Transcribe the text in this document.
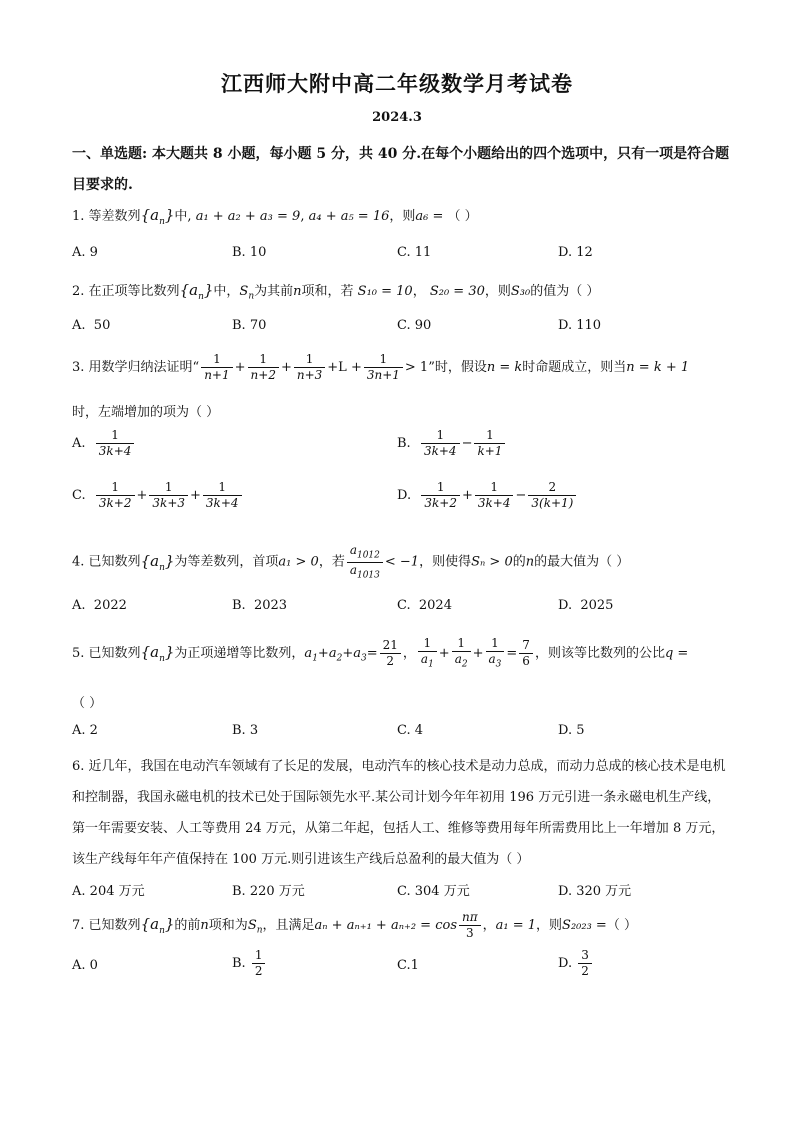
江西师大附中高二年级数学月考试卷
2024.3
一、单选题: 本大题共 8 小题，每小题 5 分，共 40 分.在每个小题给出的四个选项中，只有一项是符合题目要求的.
1. 等差数列$\{a_n\}$中, a₁ + a₂ + a₃ = 9, a₄ + a₅ = 16，则a₆ = （ ）
A. 9	B. 10	C. 11	D. 12
2. 在正项等比数列$\{a_n\}$中，$S_n$为其前n项和，若 S₁₀ = 10， S₂₀ = 30，则S₃₀的值为（ ）
A. 50	B. 70	C. 90	D. 110
3. 用数学归纳法证明“ $\frac{1}{n+1} + \frac{1}{n+2} + \frac{1}{n+3} +L + \frac{1}{3n+1} > 1$”时，假设n = k时命题成立，则当n = k + 1
时，左端增加的项为（ ）
A. $\frac{1}{3k+4}$	B. $\frac{1}{3k+4} - \frac{1}{k+1}$
C. $\frac{1}{3k+2} + \frac{1}{3k+3} + \frac{1}{3k+4}$	D. $\frac{1}{3k+2} + \frac{1}{3k+4} - \frac{2}{3(k+1)}$
4. 已知数列$\{a_n\}$为等差数列，首项a₁ > 0，若 $\frac{a_{1012}}{a_{1013}} < -1$，则使得Sₙ > 0的n的最大值为（ ）
A. 2022	B. 2023	C. 2024	D. 2025
5. 已知数列$\{a_n\}$为正项递增等比数列，$a_1+a_2+a_3= \frac{21}{2}$ ， $\frac{1}{a_1} + \frac{1}{a_2} + \frac{1}{a_3} = \frac{7}{6}$ ，则该等比数列的公比q =
（ ）
A. 2	B. 3	C. 4	D. 5
6. 近几年，我国在电动汽车领域有了长足的发展，电动汽车的核心技术是动力总成，而动力总成的核心技术是电机和控制器，我国永磁电机的技术已处于国际领先水平.某公司计划今年年初用 196 万元引进一条永磁电机生产线，第一年需要安装、人工等费用 24 万元，从第二年起，包括人工、维修等费用每年所需费用比上一年增加 8 万元，该生产线每年年产值保持在 100 万元.则引进该生产线后总盈利的最大值为（ ）
A. 204 万元	B. 220 万元	C. 304 万元	D. 320 万元
7. 已知数列$\{a_n\}$的前n项和为$S_n$，且满足$a_n + a_{n+1} + a_{n+2} = \cos \frac{n\pi}{3}$ ，a₁ = 1，则S₂₀₂₃ =（ ）
A. 0	B. $\frac{1}{2}$	C.1	D. $\frac{3}{2}$
